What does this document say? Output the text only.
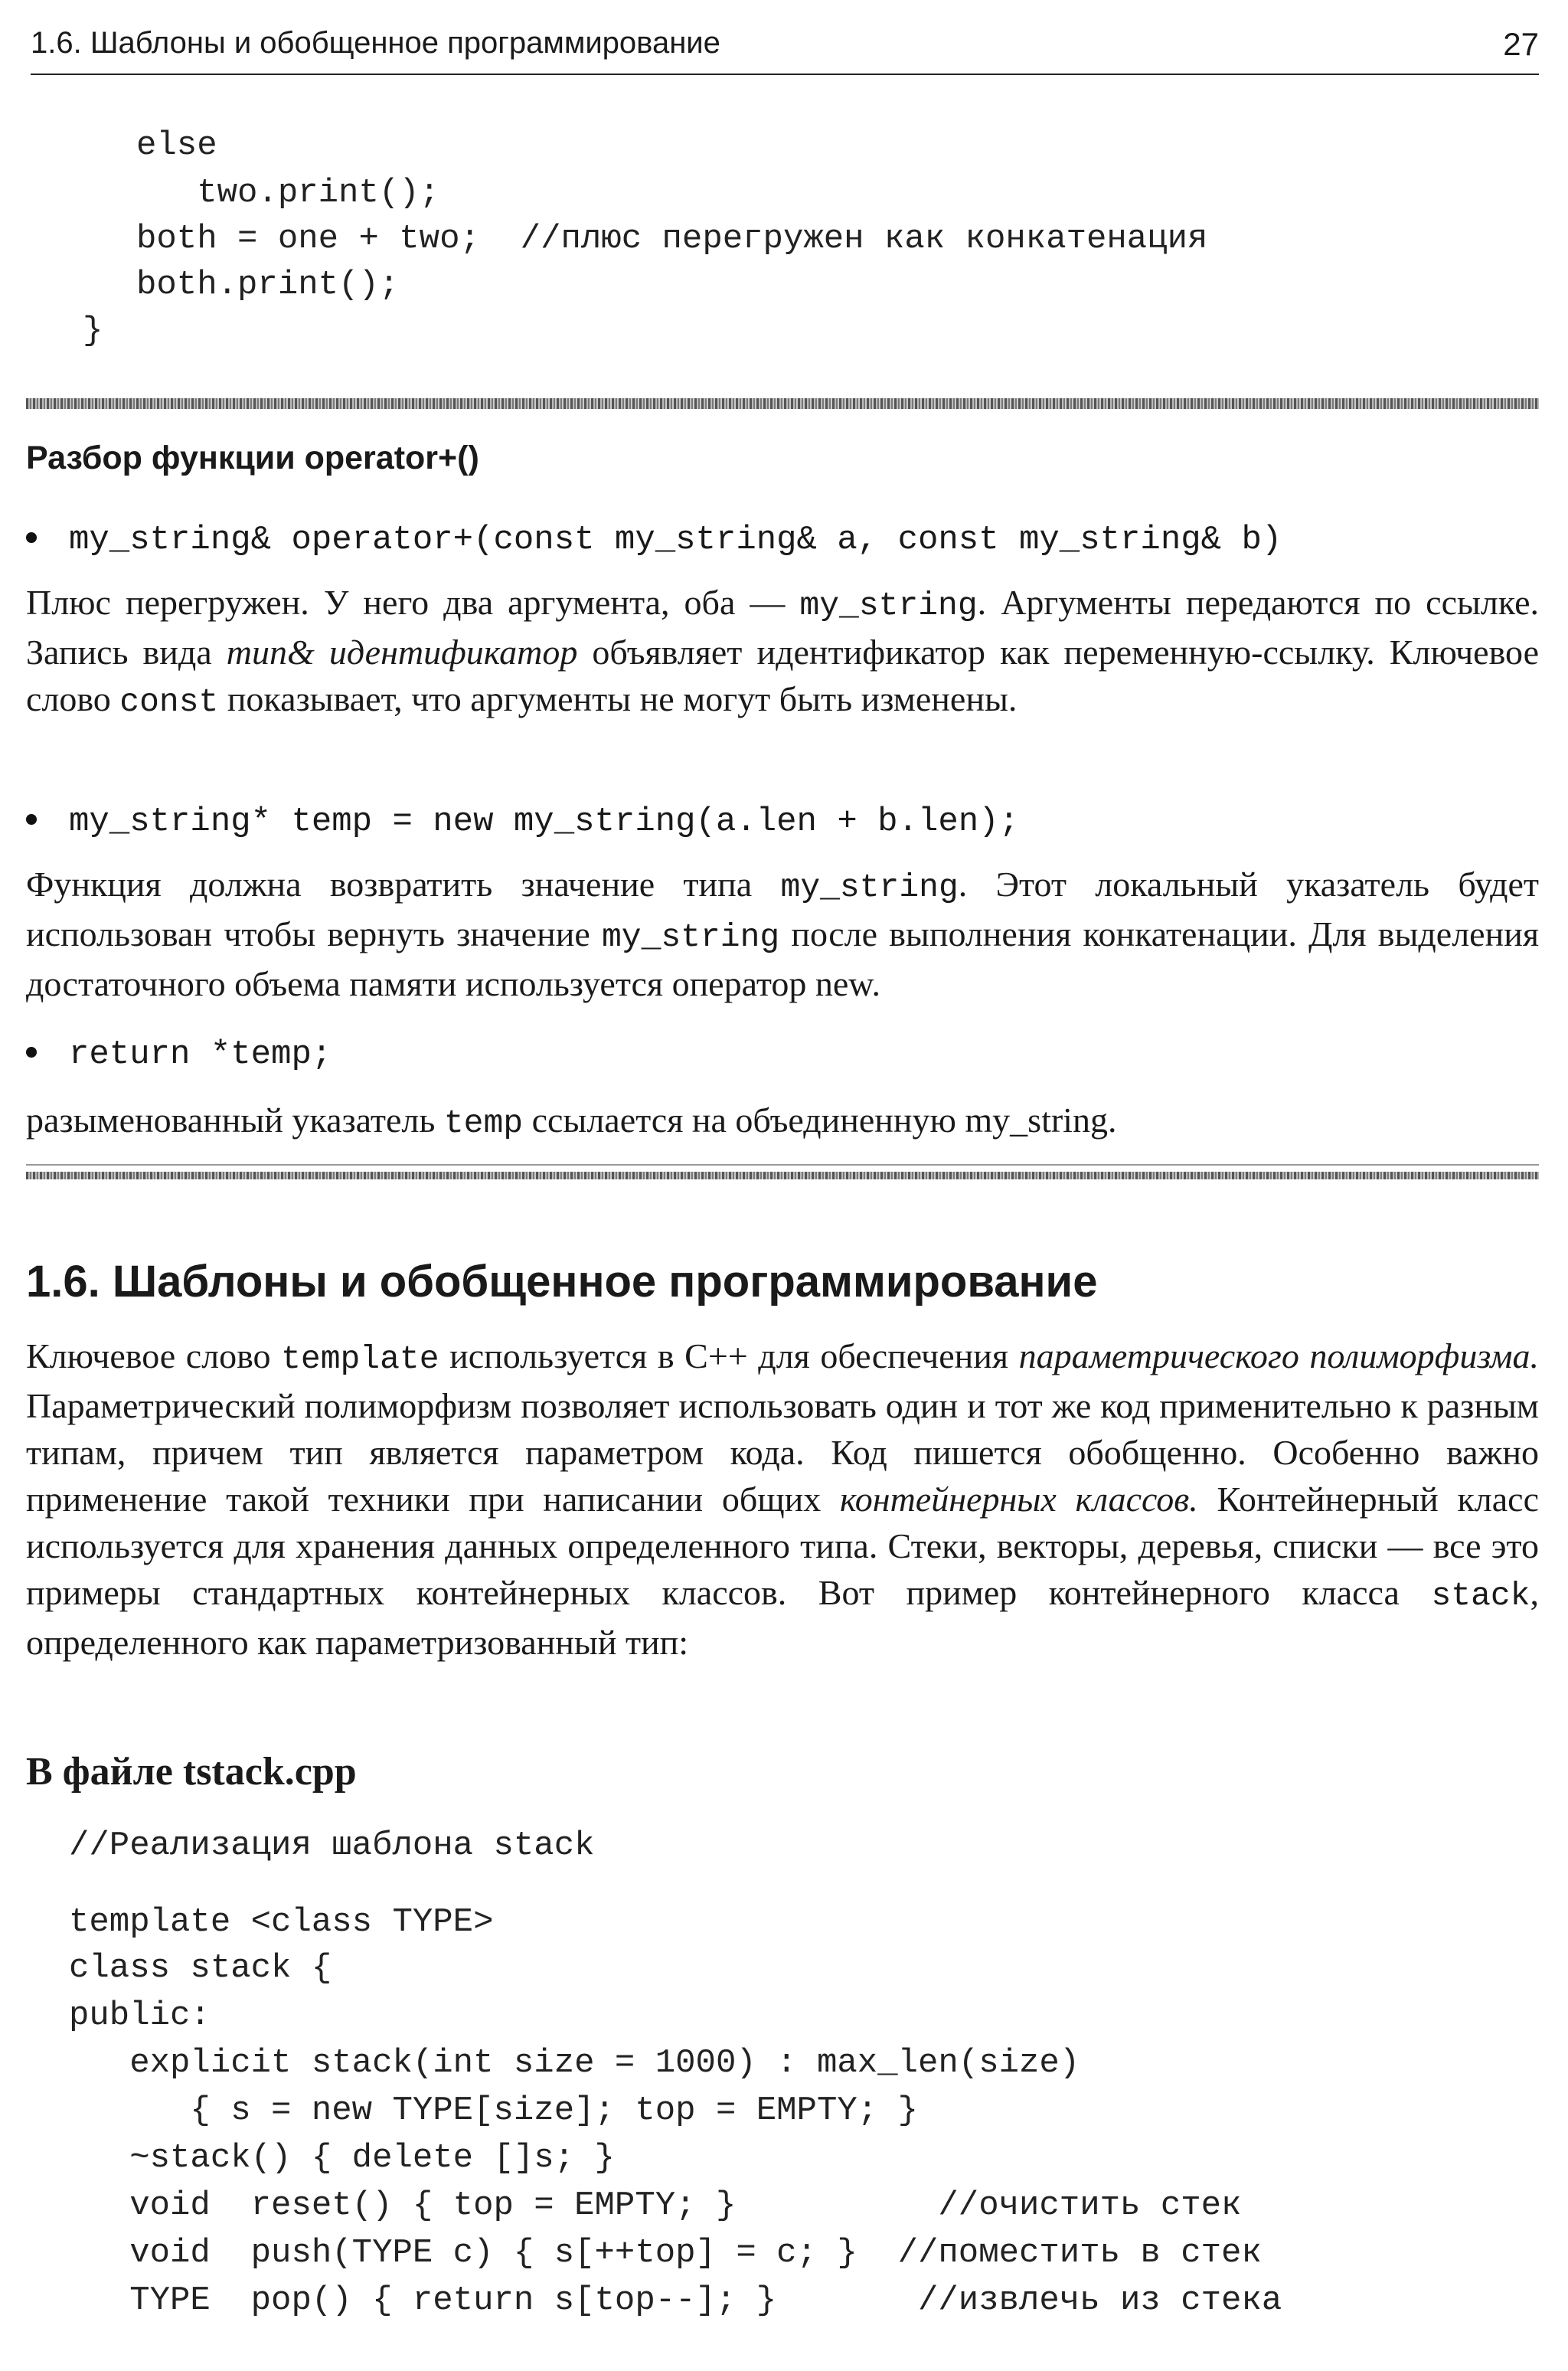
1.6. Шаблоны и обобщенное программирование	27
else
two.print();
both = one + two;  //плюс перегружен как конкатенация
both.print();
}
Разбор функции operator+()
my_string& operator+(const my_string& a, const my_string& b)
Плюс перегружен. У него два аргумента, оба — my_string. Аргументы передаются по ссылке. Запись вида тип& идентификатор объявляет идентификатор как переменную-ссылку. Ключевое слово const показывает, что аргументы не могут быть изменены.
my_string* temp = new my_string(a.len + b.len);
Функция должна возвратить значение типа my_string. Этот локальный указатель будет использован чтобы вернуть значение my_string после выполнения конкатенации. Для выделения достаточного объема памяти используется оператор new.
return *temp;
разыменованный указатель temp ссылается на объединенную my_string.
1.6. Шаблоны и обобщенное программирование
Ключевое слово template используется в C++ для обеспечения параметрического полиморфизма. Параметрический полиморфизм позволяет использовать один и тот же код применительно к разным типам, причем тип является параметром кода. Код пишется обобщенно. Особенно важно применение такой техники при написании общих контейнерных классов. Контейнерный класс используется для хранения данных определенного типа. Стеки, векторы, деревья, списки — все это примеры стандартных контейнерных классов. Вот пример контейнерного класса stack, определенного как параметризованный тип:
В файле tstack.cpp
//Реализация шаблона stack
template <class TYPE>
class stack {
public:
explicit stack(int size = 1000) : max_len(size)
{ s = new TYPE[size]; top = EMPTY; }
~stack() { delete []s; }
void  reset() { top = EMPTY; }          //очистить стек
void  push(TYPE c) { s[++top] = c; }  //поместить в стек
TYPE  pop() { return s[top--]; }       //извлечь из стека
